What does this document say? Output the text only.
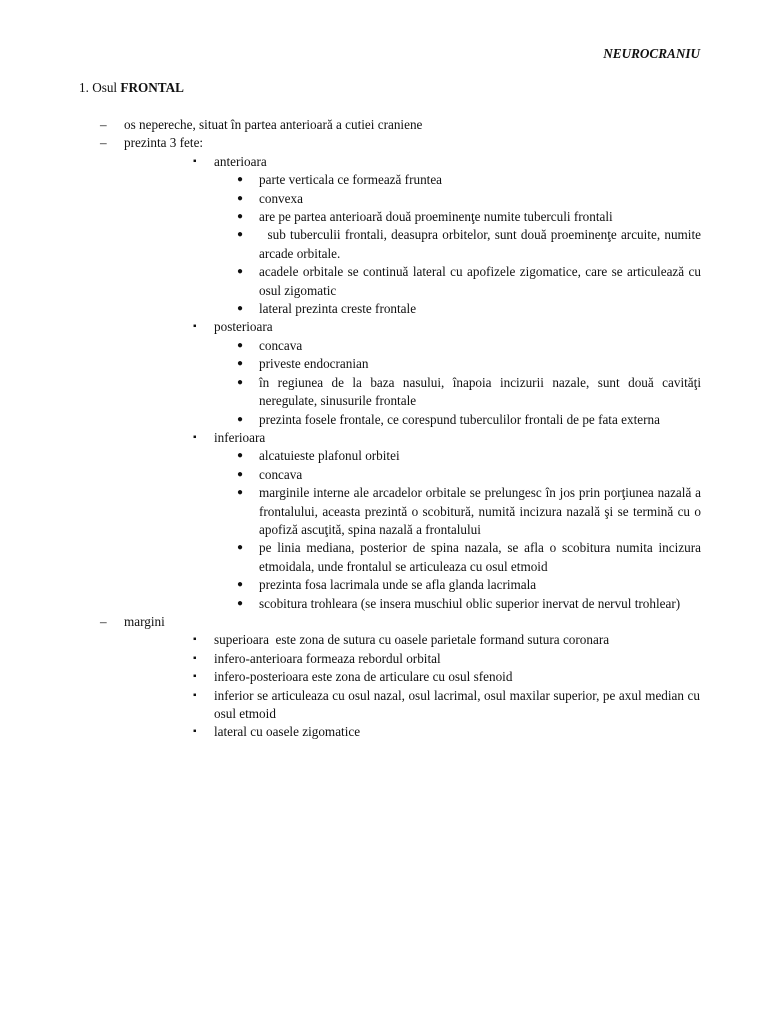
NEUROCRANIU
1. Osul FRONTAL
– os neperechе, situat în partea anterioară a cutiei craniene
– prezinta 3 fete:
▪ anterioara
● parte verticala ce formează fruntea
● convexa
● are pe partea anterioară două proeminenţe numite tuberculi frontali
● sub tuberculii frontali, deasupra orbitelor, sunt două proeminenţe arcuite, numite arcade orbitale.
● acadele orbitale se continuă lateral cu apofizele zigomatice, care se articulează cu osul zigomatic
● lateral prezinta creste frontale
▪ posterioara
● concava
● priveste endocranian
● în regiunea de la baza nasului, înapoia incizurii nazale, sunt două cavităţi neregulate, sinusurile frontale
● prezinta fosele frontale, ce corespund tuberculilor frontali de pe fata externa
▪ inferioara
● alcatuieste plafonul orbitei
● concava
● marginile interne ale arcadelor orbitale se prelungesc în jos prin porţiunea nazală a frontalului, aceasta prezintă o scobitură, numită incizura nazală şi se termină cu o apofiză ascuţită, spina nazală a frontalului
● pe linia mediana, posterior de spina nazala, se afla o scobitura numita incizura etmoidala, unde frontalul se articuleaza cu osul etmoid
● prezinta fosa lacrimala unde se afla glanda lacrimala
● scobitura trohleara (se insera muschiul oblic superior inervat de nervul trohlear)
– margini
▪ superioara  este zona de sutura cu oasele parietale formand sutura coronara
▪ infero-anterioara formeaza rebordul orbital
▪ infero-posterioara este zona de articulare cu osul sfenoid
▪ inferior se articuleaza cu osul nazal, osul lacrimal, osul maxilar superior, pe axul median cu osul etmoid
▪ lateral cu oasele zigomatice
